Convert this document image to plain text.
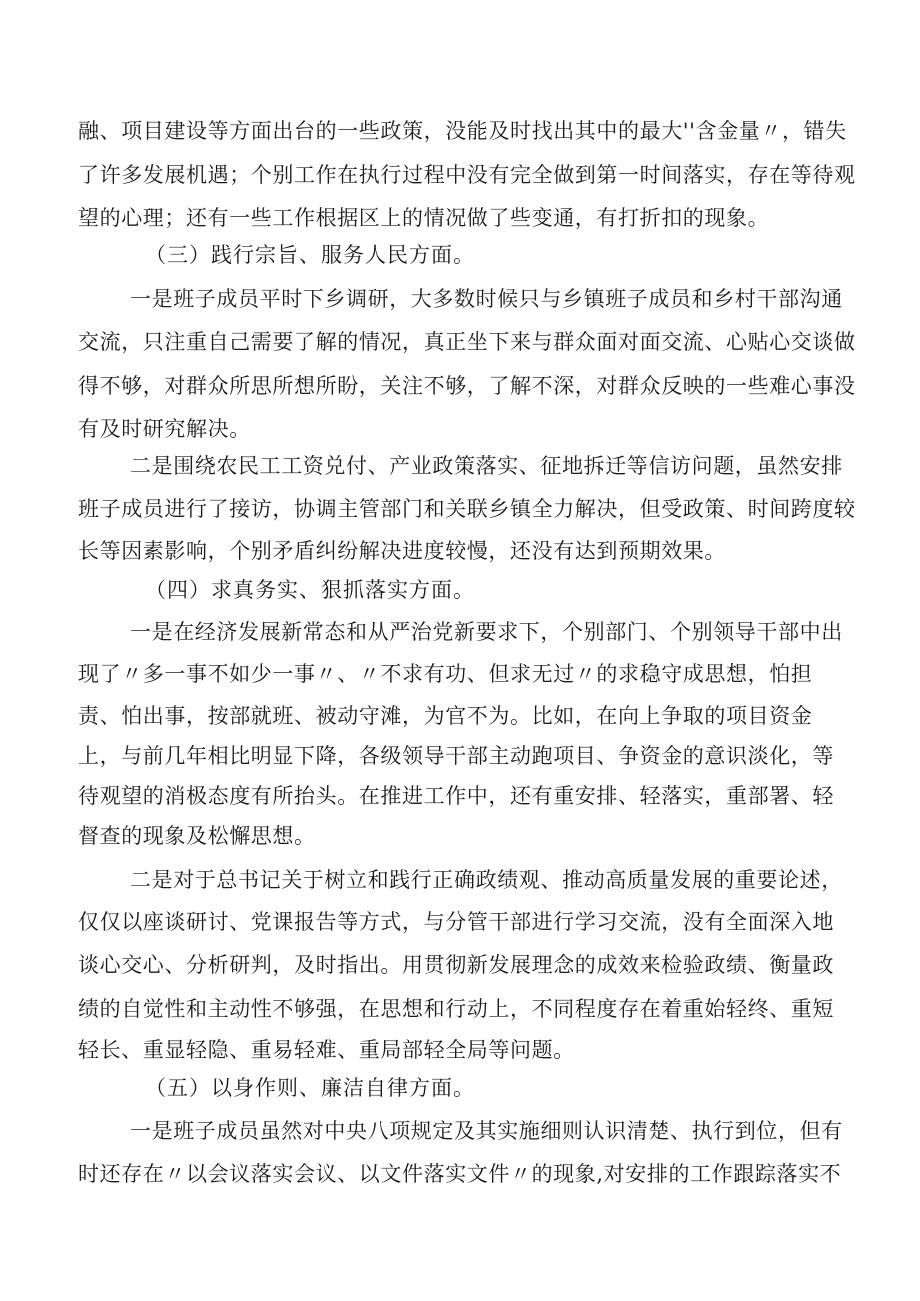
融、项目建设等方面出台的一些政策，没能及时找出其中的最大''含金量〃，错失
了许多发展机遇；个别工作在执行过程中没有完全做到第一时间落实，存在等待观
望的心理；还有一些工作根据区上的情况做了些变通，有打折扣的现象。
（三）践行宗旨、服务人民方面。
一是班子成员平时下乡调研，大多数时候只与乡镇班子成员和乡村干部沟通
交流，只注重自己需要了解的情况，真正坐下来与群众面对面交流、心贴心交谈做
得不够，对群众所思所想所盼，关注不够，了解不深，对群众反映的一些难心事没
有及时研究解决。
二是围绕农民工工资兑付、产业政策落实、征地拆迁等信访问题，虽然安排
班子成员进行了接访，协调主管部门和关联乡镇全力解决，但受政策、时间跨度较
长等因素影响，个别矛盾纠纷解决进度较慢，还没有达到预期效果。
（四）求真务实、狠抓落实方面。
一是在经济发展新常态和从严治党新要求下，个别部门、个别领导干部中出
现了〃多一事不如少一事〃、〃不求有功、但求无过〃的求稳守成思想，怕担
责、怕出事，按部就班、被动守滩，为官不为。比如，在向上争取的项目资金
上，与前几年相比明显下降，各级领导干部主动跑项目、争资金的意识淡化，等
待观望的消极态度有所抬头。在推进工作中，还有重安排、轻落实，重部署、轻
督查的现象及松懈思想。
二是对于总书记关于树立和践行正确政绩观、推动高质量发展的重要论述，
仅仅以座谈研讨、党课报告等方式，与分管干部进行学习交流，没有全面深入地
谈心交心、分析研判，及时指出。用贯彻新发展理念的成效来检验政绩、衡量政
绩的自觉性和主动性不够强，在思想和行动上，不同程度存在着重始轻终、重短
轻长、重显轻隐、重易轻难、重局部轻全局等问题。
（五）以身作则、廉洁自律方面。
一是班子成员虽然对中央八项规定及其实施细则认识清楚、执行到位，但有
时还存在〃以会议落实会议、以文件落实文件〃的现象,对安排的工作跟踪落实不
